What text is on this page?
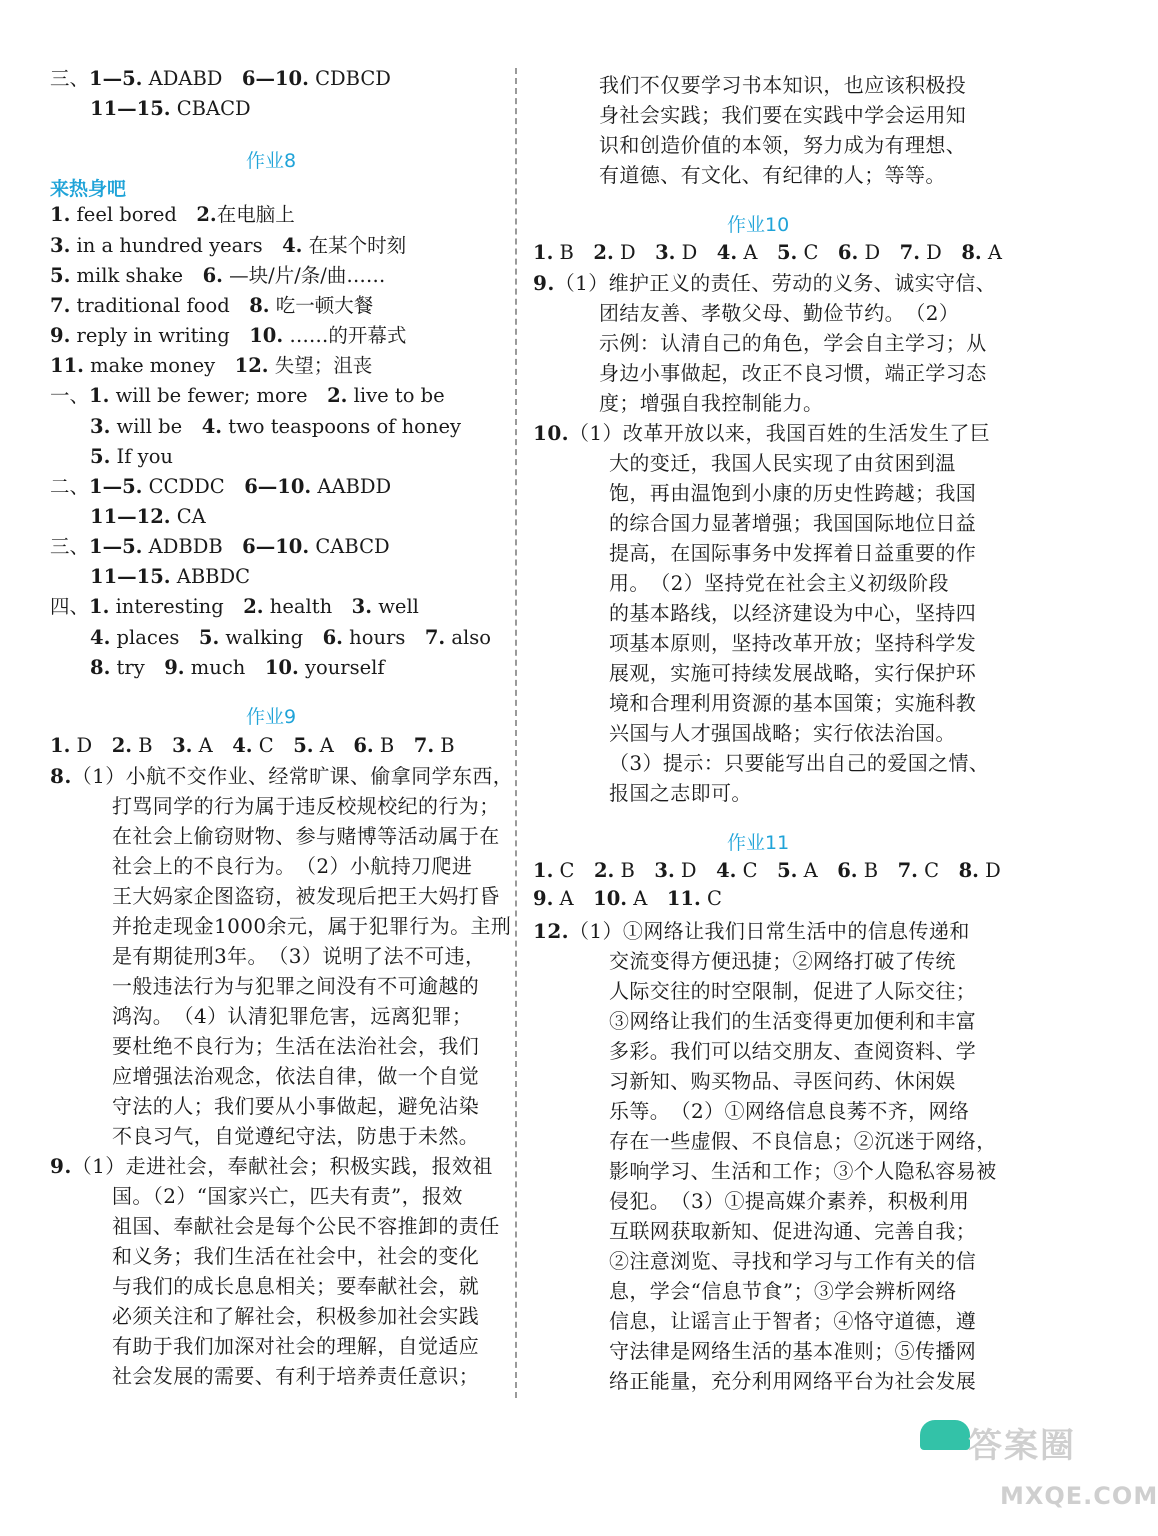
三、1—5. ADABD　6—10. CDBCD
11—15. CBACD
作业8
来热身吧
1. feel bored　2.在电脑上
3. in a hundred years　4. 在某个时刻
5. milk shake　6. —块/片/条/曲……
7. traditional food　8. 吃一顿大餐
9. reply in writing　10. ……的开幕式
11. make money　12. 失望；沮丧
一、1. will be fewer; more　2. live to be
3. will be　4. two teaspoons of honey
5. If you
二、1—5. CCDDC　6—10. AABDD
11—12. CA
三、1—5. ADBDB　6—10. CABCD
11—15. ABBDC
四、1. interesting　2. health　3. well
4. places　5. walking　6. hours　7. also
8. try　9. much　10. yourself
作业9
1. D　2. B　3. A　4. C　5. A　6. B　7. B
8.（1）小航不交作业、经常旷课、偷拿同学东西，
打骂同学的行为属于违反校规校纪的行为；
在社会上偷窃财物、参与赌博等活动属于在
社会上的不良行为。　（2）小航持刀爬进
王大妈家企图盗窃，被发现后把王大妈打昏
并抢走现金1000余元，属于犯罪行为。主刑
是有期徒刑3年。　（3）说明了法不可违，
一般违法行为与犯罪之间没有不可逾越的
鸿沟。　（4）认清犯罪危害，远离犯罪；
要杜绝不良行为；生活在法治社会，我们
应增强法治观念，依法自律，做一个自觉
守法的人；我们要从小事做起，避免沾染
不良习气，自觉遵纪守法，防患于未然。
9.（1）走进社会，奉献社会；积极实践，报效祖
国。（2）“国家兴亡，匹夫有责”，报效
祖国、奉献社会是每个公民不容推卸的责任
和义务；我们生活在社会中，社会的变化
与我们的成长息息相关；要奉献社会，就
必须关注和了解社会，积极参加社会实践
有助于我们加深对社会的理解，自觉适应
社会发展的需要、有利于培养责任意识；
我们不仅要学习书本知识，也应该积极投
身社会实践；我们要在实践中学会运用知
识和创造价值的本领，努力成为有理想、
有道德、有文化、有纪律的人；等等。
作业10
1. B　2. D　3. D　4. A　5. C　6. D　7. D　8. A
9.（1）维护正义的责任、劳动的义务、诚实守信、
团结友善、孝敬父母、勤俭节约。　（2）
示例：认清自己的角色，学会自主学习；从
身边小事做起，改正不良习惯，端正学习态
度；增强自我控制能力。
10.（1）改革开放以来，我国百姓的生活发生了巨
大的变迁，我国人民实现了由贫困到温
饱，再由温饱到小康的历史性跨越；我国
的综合国力显著增强；我国国际地位日益
提高，在国际事务中发挥着日益重要的作
用。　（2）坚持党在社会主义初级阶段
的基本路线，以经济建设为中心，坚持四
项基本原则，坚持改革开放；坚持科学发
展观，实施可持续发展战略，实行保护环
境和合理利用资源的基本国策；实施科教
兴国与人才强国战略；实行依法治国。
（3）提示：只要能写出自己的爱国之情、
报国之志即可。
作业11
1. C　2. B　3. D　4. C　5. A　6. B　7. C　8. D
9. A　10. A　11. C
12.（1）①网络让我们日常生活中的信息传递和
交流变得方便迅捷；②网络打破了传统
人际交往的时空限制，促进了人际交往；
③网络让我们的生活变得更加便利和丰富
多彩。我们可以结交朋友、查阅资料、学
习新知、购买物品、寻医问药、休闲娱
乐等。　（2）①网络信息良莠不齐，网络
存在一些虚假、不良信息；②沉迷于网络，
影响学习、生活和工作；③个人隐私容易被
侵犯。　（3）①提高媒介素养，积极利用
互联网获取新知、促进沟通、完善自我；
②注意浏览、寻找和学习与工作有关的信
息，学会“信息节食”；③学会辨析网络
信息，让谣言止于智者；④恪守道德，遵
守法律是网络生活的基本准则；⑤传播网
络正能量，充分利用网络平台为社会发展
答案圈
MXQE.COM
